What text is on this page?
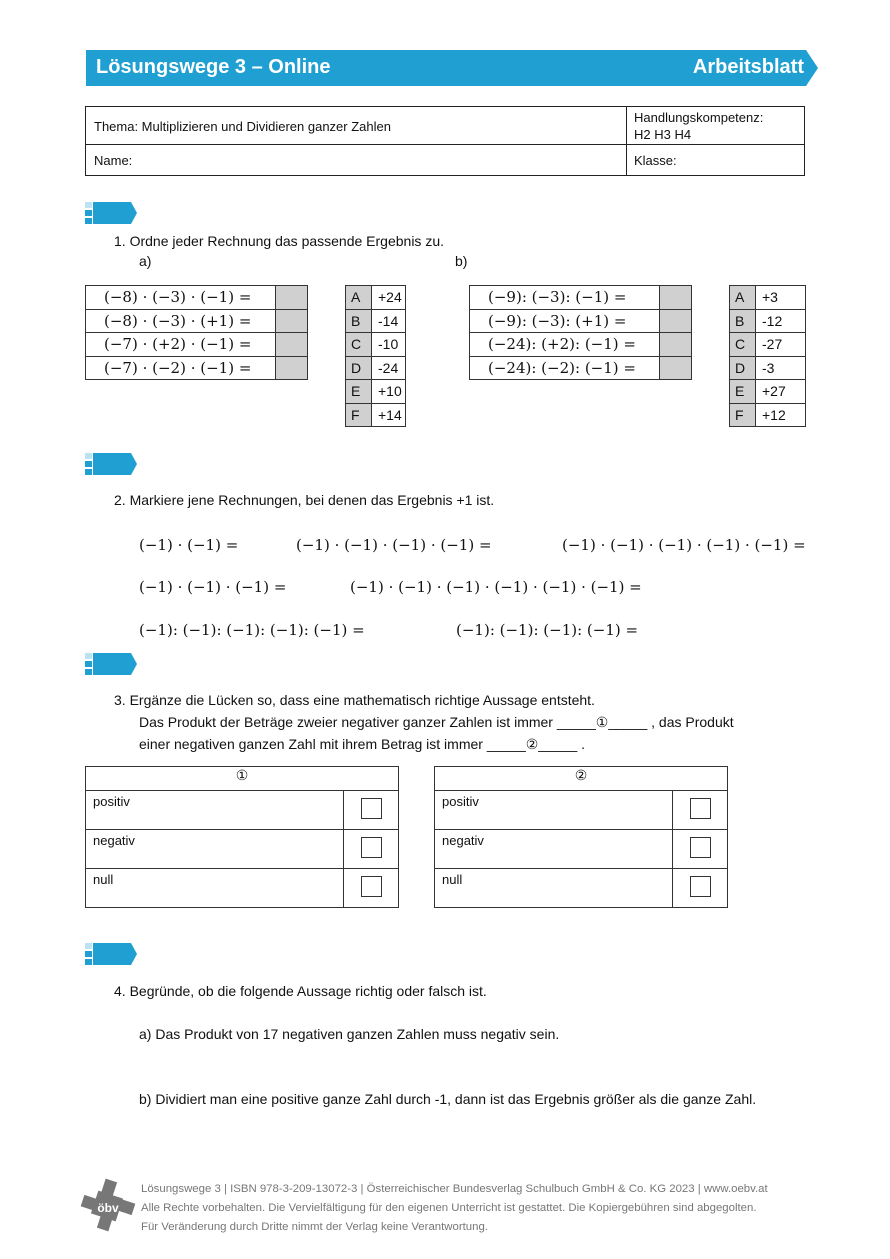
Lösungswege 3 – Online	Arbeitsblatt
Thema: Multiplizieren und Dividieren ganzer Zahlen
Handlungskompetenz:
H2 H3 H4
Name:	Klasse:
1. Ordne jeder Rechnung das passende Ergebnis zu.
a)	b)
(−8) · (−3) · (−1) =	
(−8) · (−3) · (+1) =	
(−7) · (+2) · (−1) =	
(−7) · (−2) · (−1) =	
A	+24
B	-14
C	-10
D	-24
E	+10
F	+14
(−9): (−3): (−1) =	
(−9): (−3): (+1) =	
(−24): (+2): (−1) =	
(−24): (−2): (−1) =	
A	+3
B	-12
C	-27
D	-3
E	+27
F	+12
2. Markiere jene Rechnungen, bei denen das Ergebnis +1 ist.
(−1) · (−1) =	(−1) · (−1) · (−1) · (−1) =	(−1) · (−1) · (−1) · (−1) · (−1) =
(−1) · (−1) · (−1) =	(−1) · (−1) · (−1) · (−1) · (−1) · (−1) =
(−1): (−1): (−1): (−1): (−1) =	(−1): (−1): (−1): (−1) =
3. Ergänze die Lücken so, dass eine mathematisch richtige Aussage entsteht.
Das Produkt der Beträge zweier negativer ganzer Zahlen ist immer _____①_____ , das Produkt
einer negativen ganzen Zahl mit ihrem Betrag ist immer _____②_____ .
①	
positiv	
negativ	
null	
②	
positiv	
negativ	
null	
4. Begründe, ob die folgende Aussage richtig oder falsch ist.
a) Das Produkt von 17 negativen ganzen Zahlen muss negativ sein.
b) Dividiert man eine positive ganze Zahl durch -1, dann ist das Ergebnis größer als die ganze Zahl.
öbv
Lösungswege 3 | ISBN 978-3-209-13072-3 | Österreichischer Bundesverlag Schulbuch GmbH & Co. KG 2023 | www.oebv.at
Alle Rechte vorbehalten. Die Vervielfältigung für den eigenen Unterricht ist gestattet. Die Kopiergebühren sind abgegolten.
Für Veränderung durch Dritte nimmt der Verlag keine Verantwortung.
